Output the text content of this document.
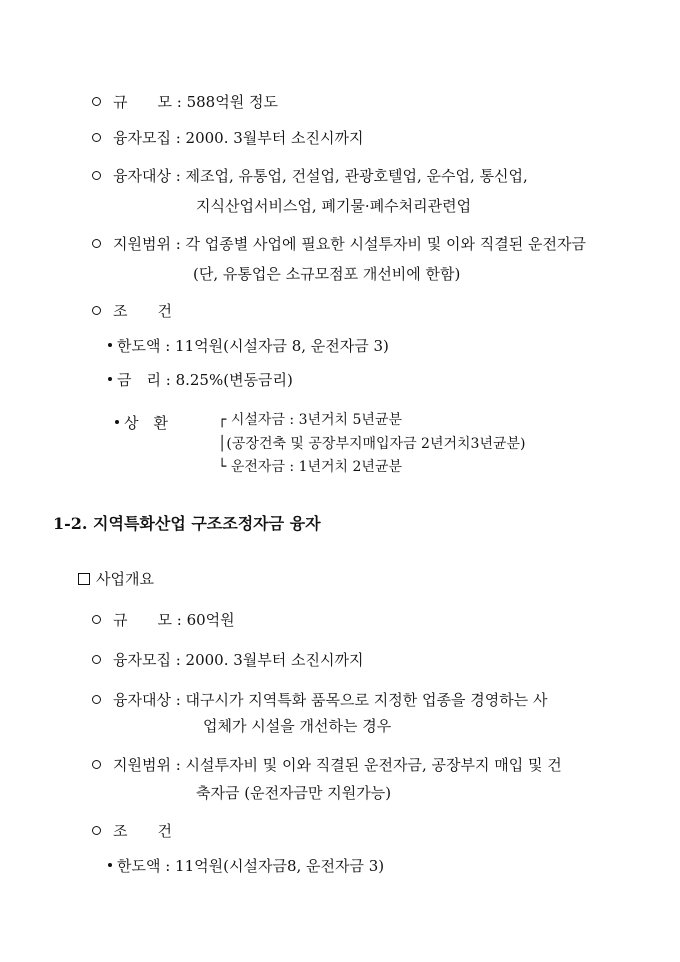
규　　모 : 588억원 정도
융자모집 : 2000. 3월부터 소진시까지
융자대상 : 제조업, 유통업, 건설업, 관광호텔업, 운수업, 통신업,
지식산업서비스업, 폐기물·폐수처리관련업
지원범위 : 각 업종별 사업에 필요한 시설투자비 및 이와 직결된 운전자금
(단, 유통업은 소규모점포 개선비에 한함)
조　　건
한도액 : 11억원(시설자금 8, 운전자금 3)
금　리 : 8.25%(변동금리)
상　환	┌ 시설자금 : 3년거치 5년균분
│(공장건축 및 공장부지매입자금 2년거치3년균분)
└ 운전자금 : 1년거치 2년균분
1-2. 지역특화산업 구조조정자금 융자
사업개요
규　　모 : 60억원
융자모집 : 2000. 3월부터 소진시까지
융자대상 : 대구시가 지역특화 품목으로 지정한 업종을 경영하는 사
업체가 시설을 개선하는 경우
지원범위 : 시설투자비 및 이와 직결된 운전자금, 공장부지 매입 및 건
축자금 (운전자금만 지원가능)
조　　건
한도액 : 11억원(시설자금8, 운전자금 3)
